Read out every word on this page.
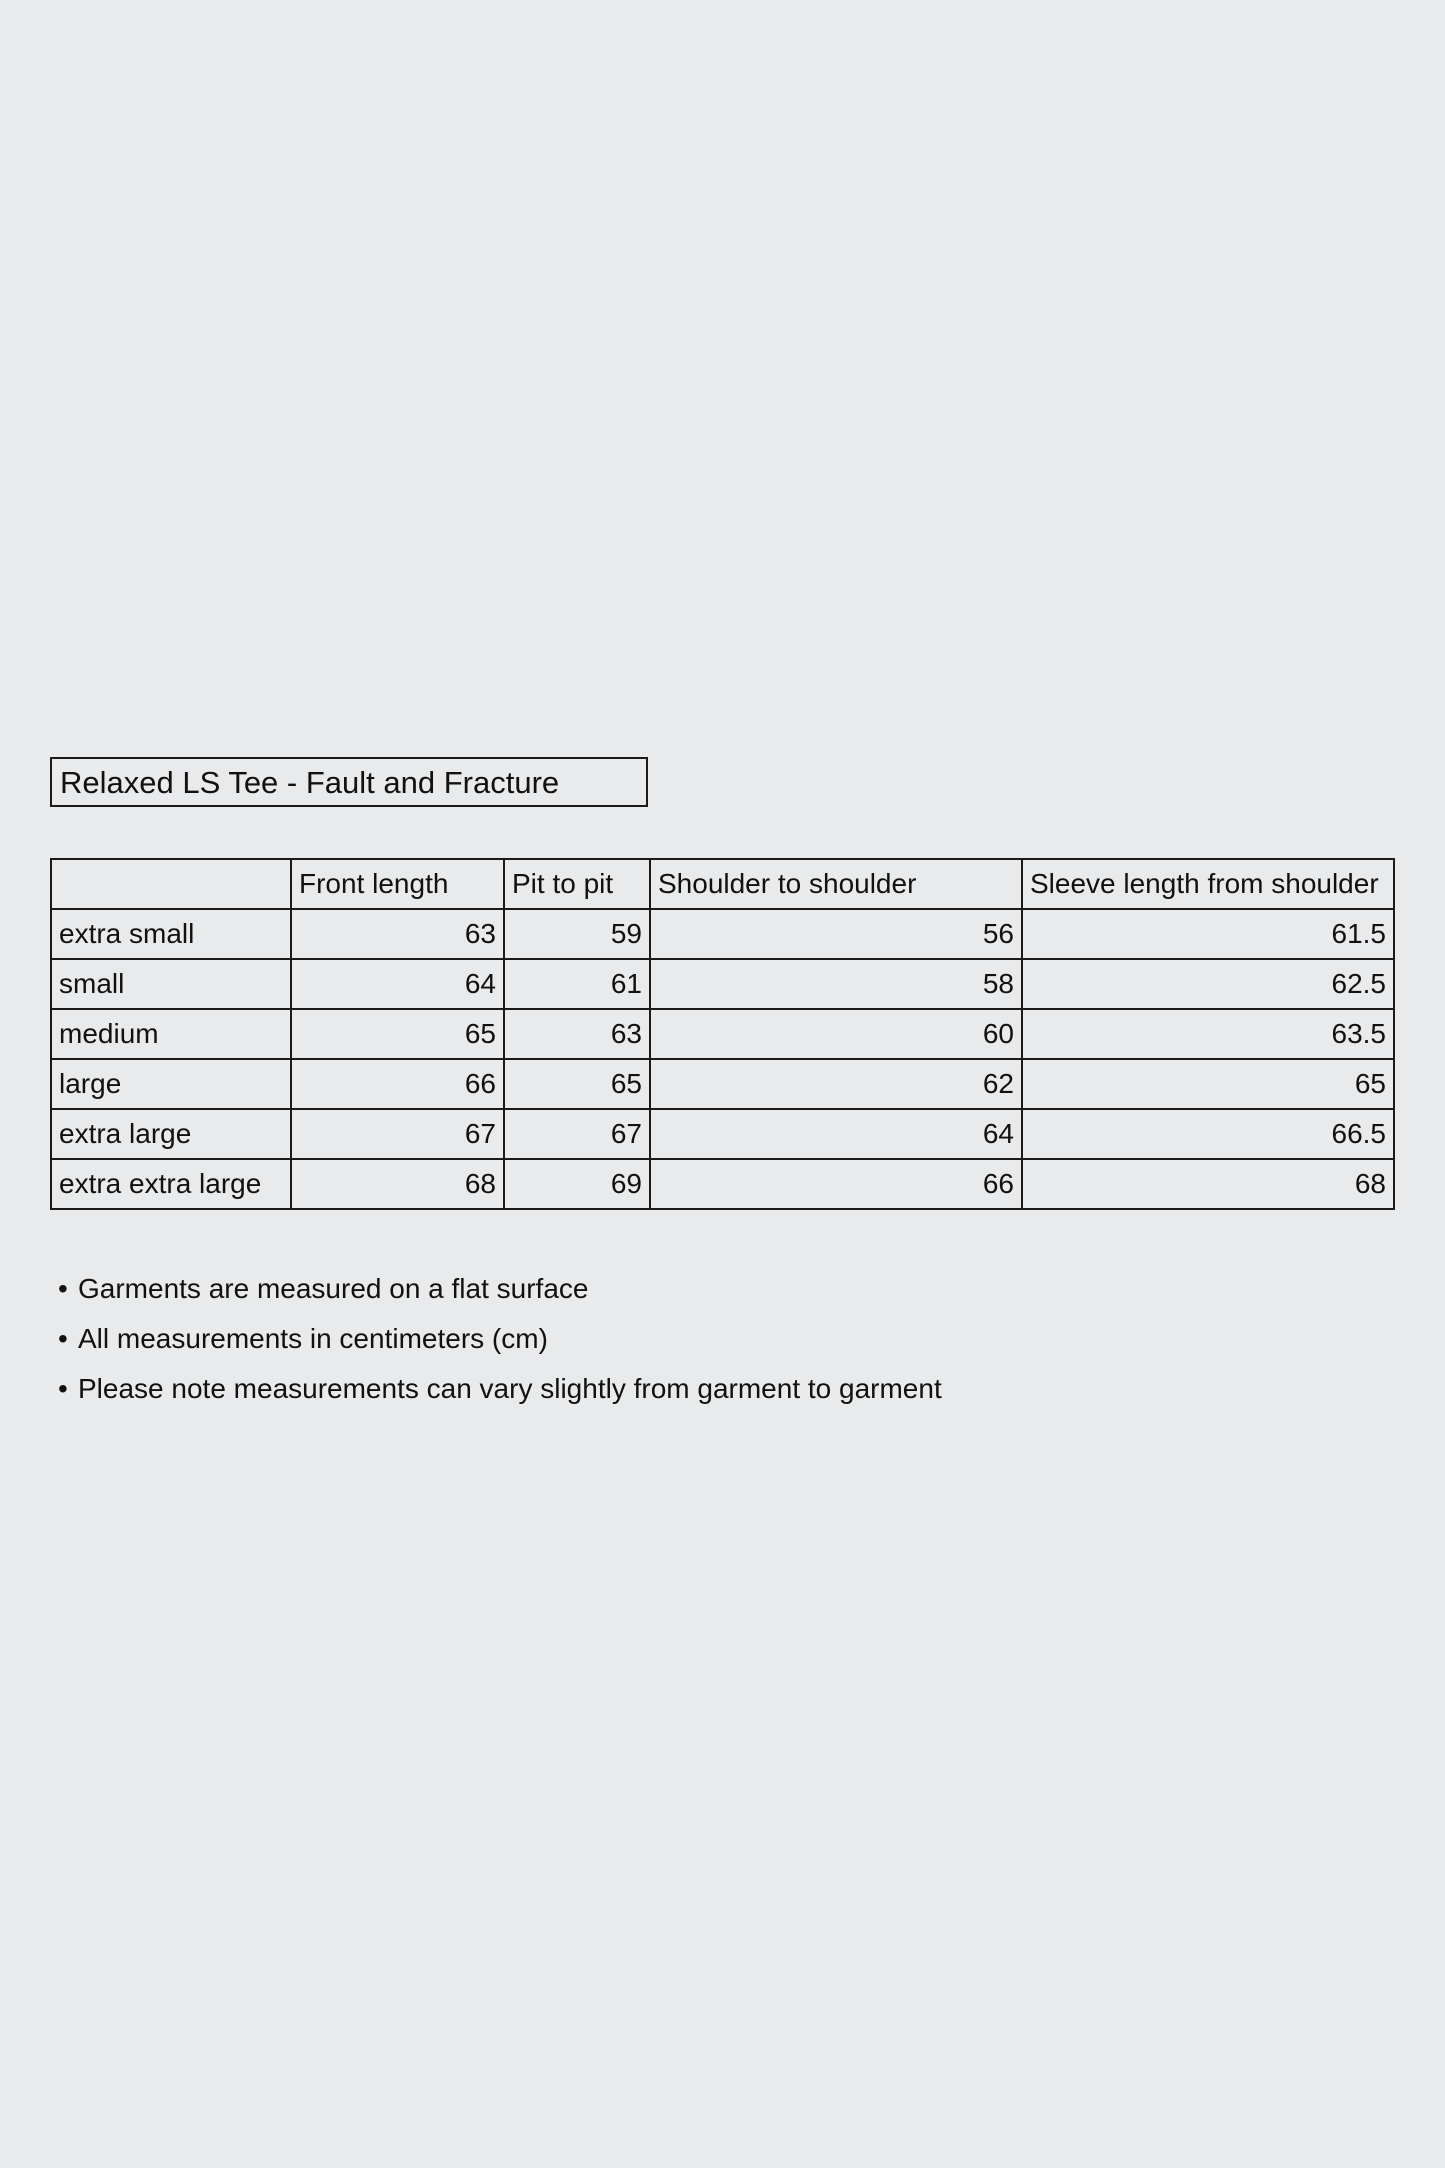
Relaxed LS Tee - Fault and Fracture
	Front length	Pit to pit	Shoulder to shoulder	Sleeve length from shoulder
extra small	63	59	56	61.5
small	64	61	58	62.5
medium	65	63	60	63.5
large	66	65	62	65
extra large	67	67	64	66.5
extra extra large	68	69	66	68
• Garments are measured on a flat surface
• All measurements in centimeters (cm)
• Please note measurements can vary slightly from garment to garment
